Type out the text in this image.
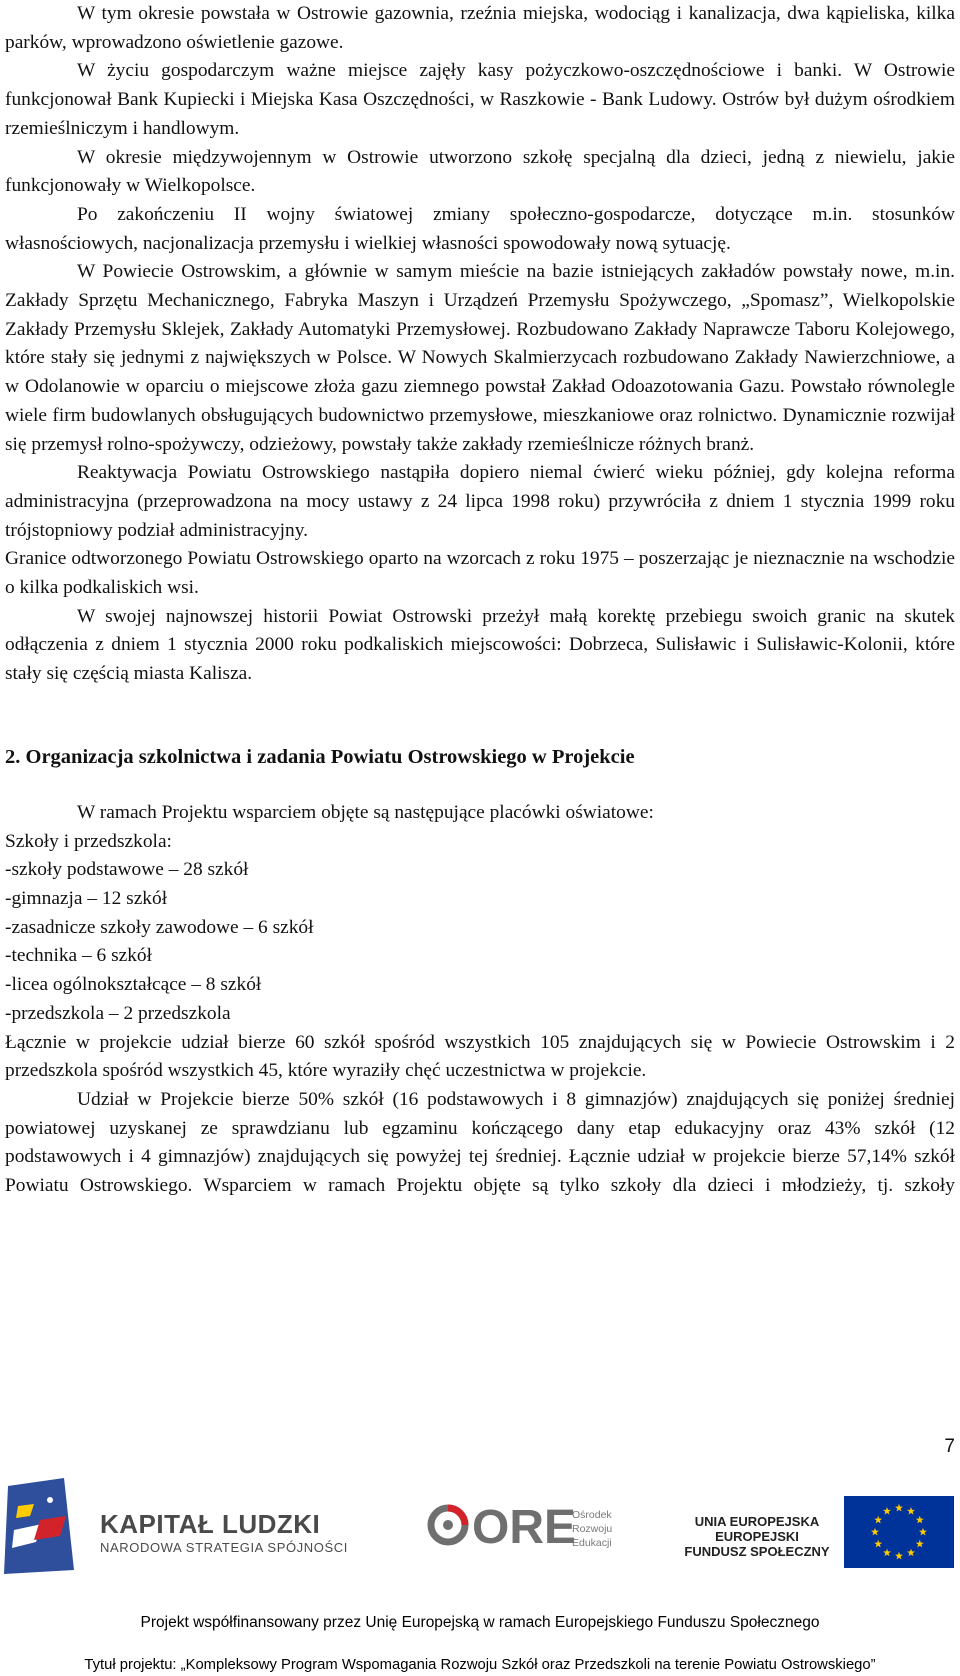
W tym okresie powstała w Ostrowie gazownia, rzeźnia miejska, wodociąg i kanalizacja, dwa kąpieliska, kilka parków, wprowadzono oświetlenie gazowe.

W życiu gospodarczym ważne miejsce zajęły kasy pożyczkowo-oszczędnościowe i banki. W Ostrowie funkcjonował Bank Kupiecki i Miejska Kasa Oszczędności, w Raszkowie - Bank Ludowy. Ostrów był dużym ośrodkiem rzemieślniczym i handlowym.

W okresie międzywojennym w Ostrowie utworzono szkołę specjalną dla dzieci, jedną z niewielu, jakie funkcjonowały w Wielkopolsce.

Po zakończeniu II wojny światowej zmiany społeczno-gospodarcze, dotyczące m.in. stosunków własnościowych, nacjonalizacja przemysłu i wielkiej własności spowodowały nową sytuację.

W Powiecie Ostrowskim, a głównie w samym mieście na bazie istniejących zakładów powstały nowe, m.in. Zakłady Sprzętu Mechanicznego, Fabryka Maszyn i Urządzeń Przemysłu Spożywczego, „Spomasz”, Wielkopolskie Zakłady Przemysłu Sklejek, Zakłady Automatyki Przemysłowej. Rozbudowano Zakłady Naprawcze Taboru Kolejowego, które stały się jednymi z największych w Polsce. W Nowych Skalmierzycach rozbudowano Zakłady Nawierzchniowe, a w Odolanowie w oparciu o miejscowe złoża gazu ziemnego powstał Zakład Odoazotowania Gazu. Powstało równolegle wiele firm budowlanych obsługujących budownictwo przemysłowe, mieszkaniowe oraz rolnictwo. Dynamicznie rozwijał się przemysł rolno-spożywczy, odzieżowy, powstały także zakłady rzemieślnicze różnych branż.

Reaktywacja Powiatu Ostrowskiego nastąpiła dopiero niemal ćwierć wieku później, gdy kolejna reforma administracyjna (przeprowadzona na mocy ustawy z 24 lipca 1998 roku) przywróciła z dniem 1 stycznia 1999 roku trójstopniowy podział administracyjny.

Granice odtworzonego Powiatu Ostrowskiego oparto na wzorcach z roku 1975 – poszerzając je nieznacznie na wschodzie o kilka podkaliskich wsi.

W swojej najnowszej historii Powiat Ostrowski przeżył małą korektę przebiegu swoich granic na skutek odłączenia z dniem 1 stycznia 2000 roku podkaliskich miejscowości: Dobrzeca, Sulisławic i Sulisławic-Kolonii, które stały się częścią miasta Kalisza.

2. Organizacja szkolnictwa i zadania Powiatu Ostrowskiego w Projekcie

W ramach Projektu wsparciem objęte są następujące placówki oświatowe:

Szkoły i przedszkola:

-szkoły podstawowe – 28 szkół

-gimnazja – 12 szkół

-zasadnicze szkoły zawodowe – 6 szkół

-technika – 6 szkół

-licea ogólnokształcące – 8 szkół

-przedszkola – 2 przedszkola

Łącznie w projekcie udział bierze 60 szkół spośród wszystkich 105 znajdujących się w Powiecie Ostrowskim i 2 przedszkola spośród wszystkich 45, które wyraziły chęć uczestnictwa w projekcie.

Udział w Projekcie bierze 50% szkół (16 podstawowych i 8 gimnazjów) znajdujących się poniżej średniej powiatowej uzyskanej ze sprawdzianu lub egzaminu kończącego dany etap edukacyjny oraz 43% szkół (12 podstawowych i 4 gimnazjów) znajdujących się powyżej tej średniej. Łącznie udział w projekcie bierze 57,14% szkół Powiatu Ostrowskiego. Wsparciem w ramach Projektu objęte są tylko szkoły dla dzieci i młodzieży, tj. szkoły

7
KAPITAŁ LUDZKI
NARODOWA STRATEGIA SPÓJNOŚCI	ORE
Ośrodek
Rozwoju
Edukacji
UNIA EUROPEJSKA
EUROPEJSKI
FUNDUSZ SPOŁECZNY
Projekt współfinansowany przez Unię Europejską w ramach Europejskiego Funduszu Społecznego
Tytuł projektu: „Kompleksowy Program Wspomagania Rozwoju Szkół oraz Przedszkoli na terenie Powiatu Ostrowskiego”
